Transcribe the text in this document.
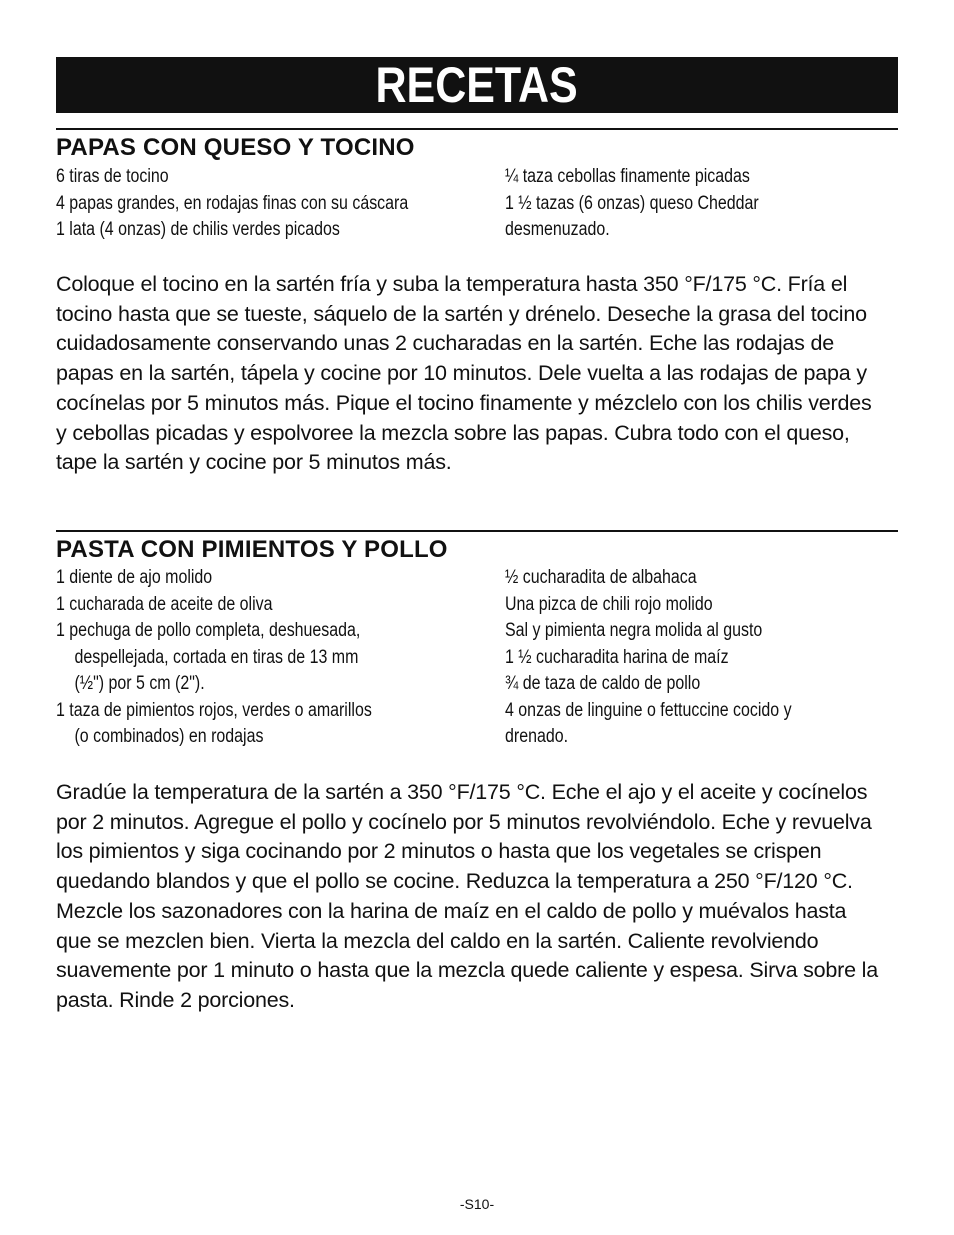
RECETAS
PAPAS CON QUESO Y TOCINO
6 tiras de tocino
4 papas grandes, en rodajas finas con su cáscara
1 lata (4 onzas) de chilis verdes picados
¼ taza cebollas finamente picadas
1 ½ tazas (6 onzas) queso Cheddar
desmenuzado.

Coloque el tocino en la sartén fría y suba la temperatura hasta 350 °F/175 °C. Fría el tocino hasta que se tueste, sáquelo de la sartén y drénelo. Deseche la grasa del tocino cuidadosamente conservando unas 2 cucharadas en la sartén. Eche las rodajas de papas en la sartén, tápela y cocine por 10 minutos. Dele vuelta a las rodajas de papa y cocínelas por 5 minutos más. Pique el tocino finamente y mézclelo con los chilis verdes y cebollas picadas y espolvoree la mezcla sobre las papas. Cubra todo con el queso, tape la sartén y cocine por 5 minutos más.

PASTA CON PIMIENTOS Y POLLO
1 diente de ajo molido
1 cucharada de aceite de oliva
1 pechuga de pollo completa, deshuesada,
despellejada, cortada en tiras de 13 mm
(½") por 5 cm (2").
1 taza de pimientos rojos, verdes o amarillos
(o combinados) en rodajas
½ cucharadita de albahaca
Una pizca de chili rojo molido
Sal y pimienta negra molida al gusto
1 ½ cucharadita harina de maíz
¾ de taza de caldo de pollo
4 onzas de linguine o fettuccine cocido y
drenado.

Gradúe la temperatura de la sartén a 350 °F/175 °C. Eche el ajo y el aceite y cocínelos por 2 minutos. Agregue el pollo y cocínelo por 5 minutos revolviéndolo. Eche y revuelva los pimientos y siga cocinando por 2 minutos o hasta que los vegetales se crispen quedando blandos y que el pollo se cocine. Reduzca la temperatura a 250 °F/120 °C. Mezcle los sazonadores con la harina de maíz en el caldo de pollo y muévalos hasta que se mezclen bien. Vierta la mezcla del caldo en la sartén. Caliente revolviendo suavemente por 1 minuto o hasta que la mezcla quede caliente y espesa. Sirva sobre la pasta. Rinde 2 porciones.

-S10-
